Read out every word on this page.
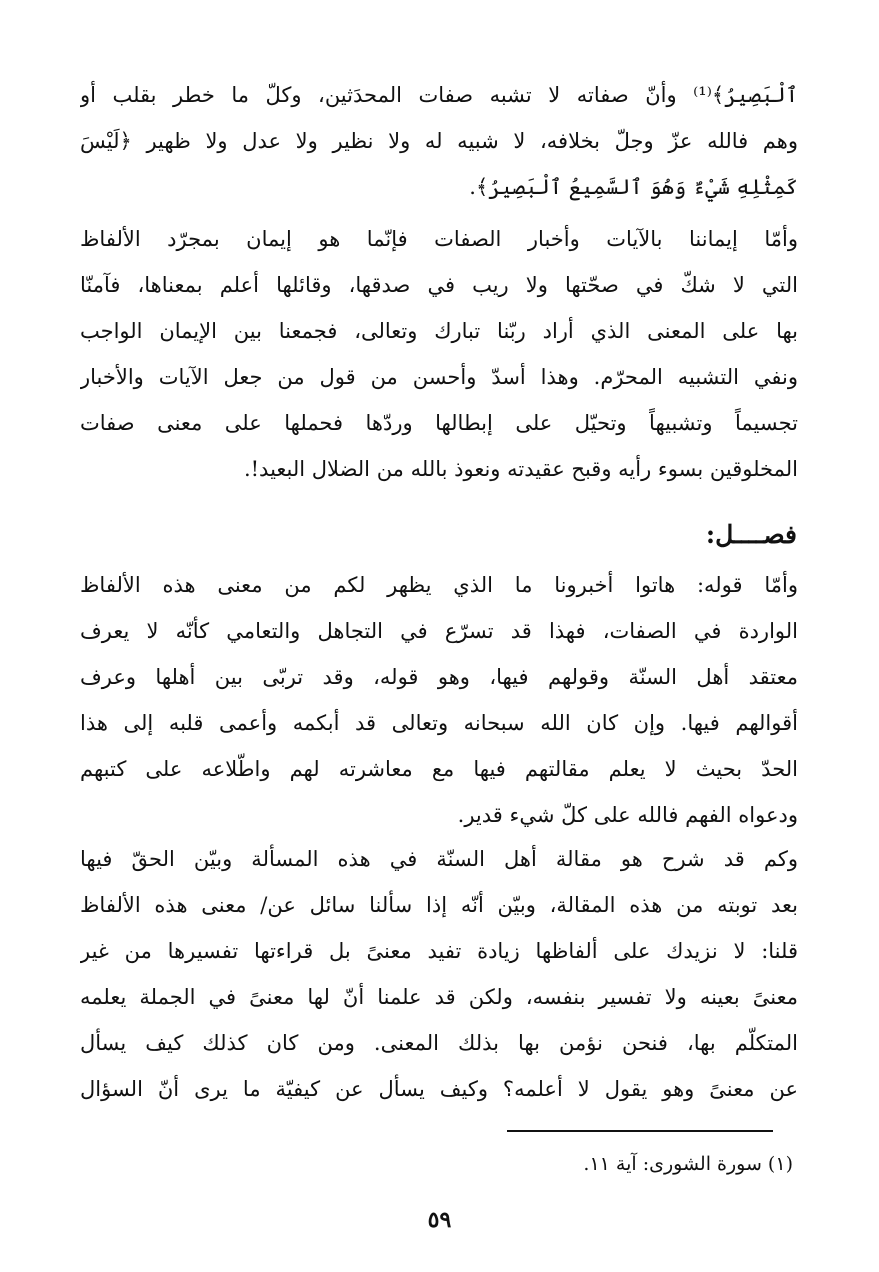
ٱلْبَصِيرُ﴾⁽¹⁾ وأنّ صفاته لا تشبه صفات المحدَثين، وكلّ ما خطر بقلب أو
وهم فالله عزّ وجلّ بخلافه، لا شبيه له ولا نظير ولا عدل ولا ظهير ﴿لَيْسَ
كَمِثْلِهِ شَيْءٌ وَهُوَ ٱلسَّمِيعُ ٱلْبَصِيرُ﴾.
وأمّا إيماننا بالآيات وأخبار الصفات فإنّما هو إيمان بمجرّد الألفاظ
التي لا شكّ في صحّتها ولا ريب في صدقها، وقائلها أعلم بمعناها، فآمنّا
بها على المعنى الذي أراد ربّنا تبارك وتعالى، فجمعنا بين الإيمان الواجب
ونفي التشبيه المحرّم. وهذا أسدّ وأحسن من قول من جعل الآيات والأخبار
تجسيماً وتشبيهاً وتحيّل على إبطالها وردّها فحملها على معنى صفات
المخلوقين بسوء رأيه وقبح عقيدته ونعوذ بالله من الضلال البعيد!.
فصــــل:
وأمّا قوله: هاتوا أخبرونا ما الذي يظهر لكم من معنى هذه الألفاظ
الواردة في الصفات، فهذا قد تسرّع في التجاهل والتعامي كأنّه لا يعرف
معتقد أهل السنّة وقولهم فيها، وهو قوله، وقد تربّى بين أهلها وعرف
أقوالهم فيها. وإن كان الله سبحانه وتعالى قد أبكمه وأعمى قلبه إلى هذا
الحدّ بحيث لا يعلم مقالتهم فيها مع معاشرته لهم واطّلاعه على كتبهم
ودعواه الفهم فالله على كلّ شيء قدير.
وكم قد شرح هو مقالة أهل السنّة في هذه المسألة وبيّن الحقّ فيها
بعد توبته من هذه المقالة، وبيّن أنّه إذا سألنا سائل عن/ معنى هذه الألفاظ
قلنا: لا نزيدك على ألفاظها زيادة تفيد معنىً بل قراءتها تفسيرها من غير
معنىً بعينه ولا تفسير بنفسه، ولكن قد علمنا أنّ لها معنىً في الجملة يعلمه
المتكلّم بها، فنحن نؤمن بها بذلك المعنى. ومن كان كذلك كيف يسأل
عن معنىً وهو يقول لا أعلمه؟ وكيف يسأل عن كيفيّة ما يرى أنّ السؤال
(١) سورة الشورى: آية ١١.
٥٩
